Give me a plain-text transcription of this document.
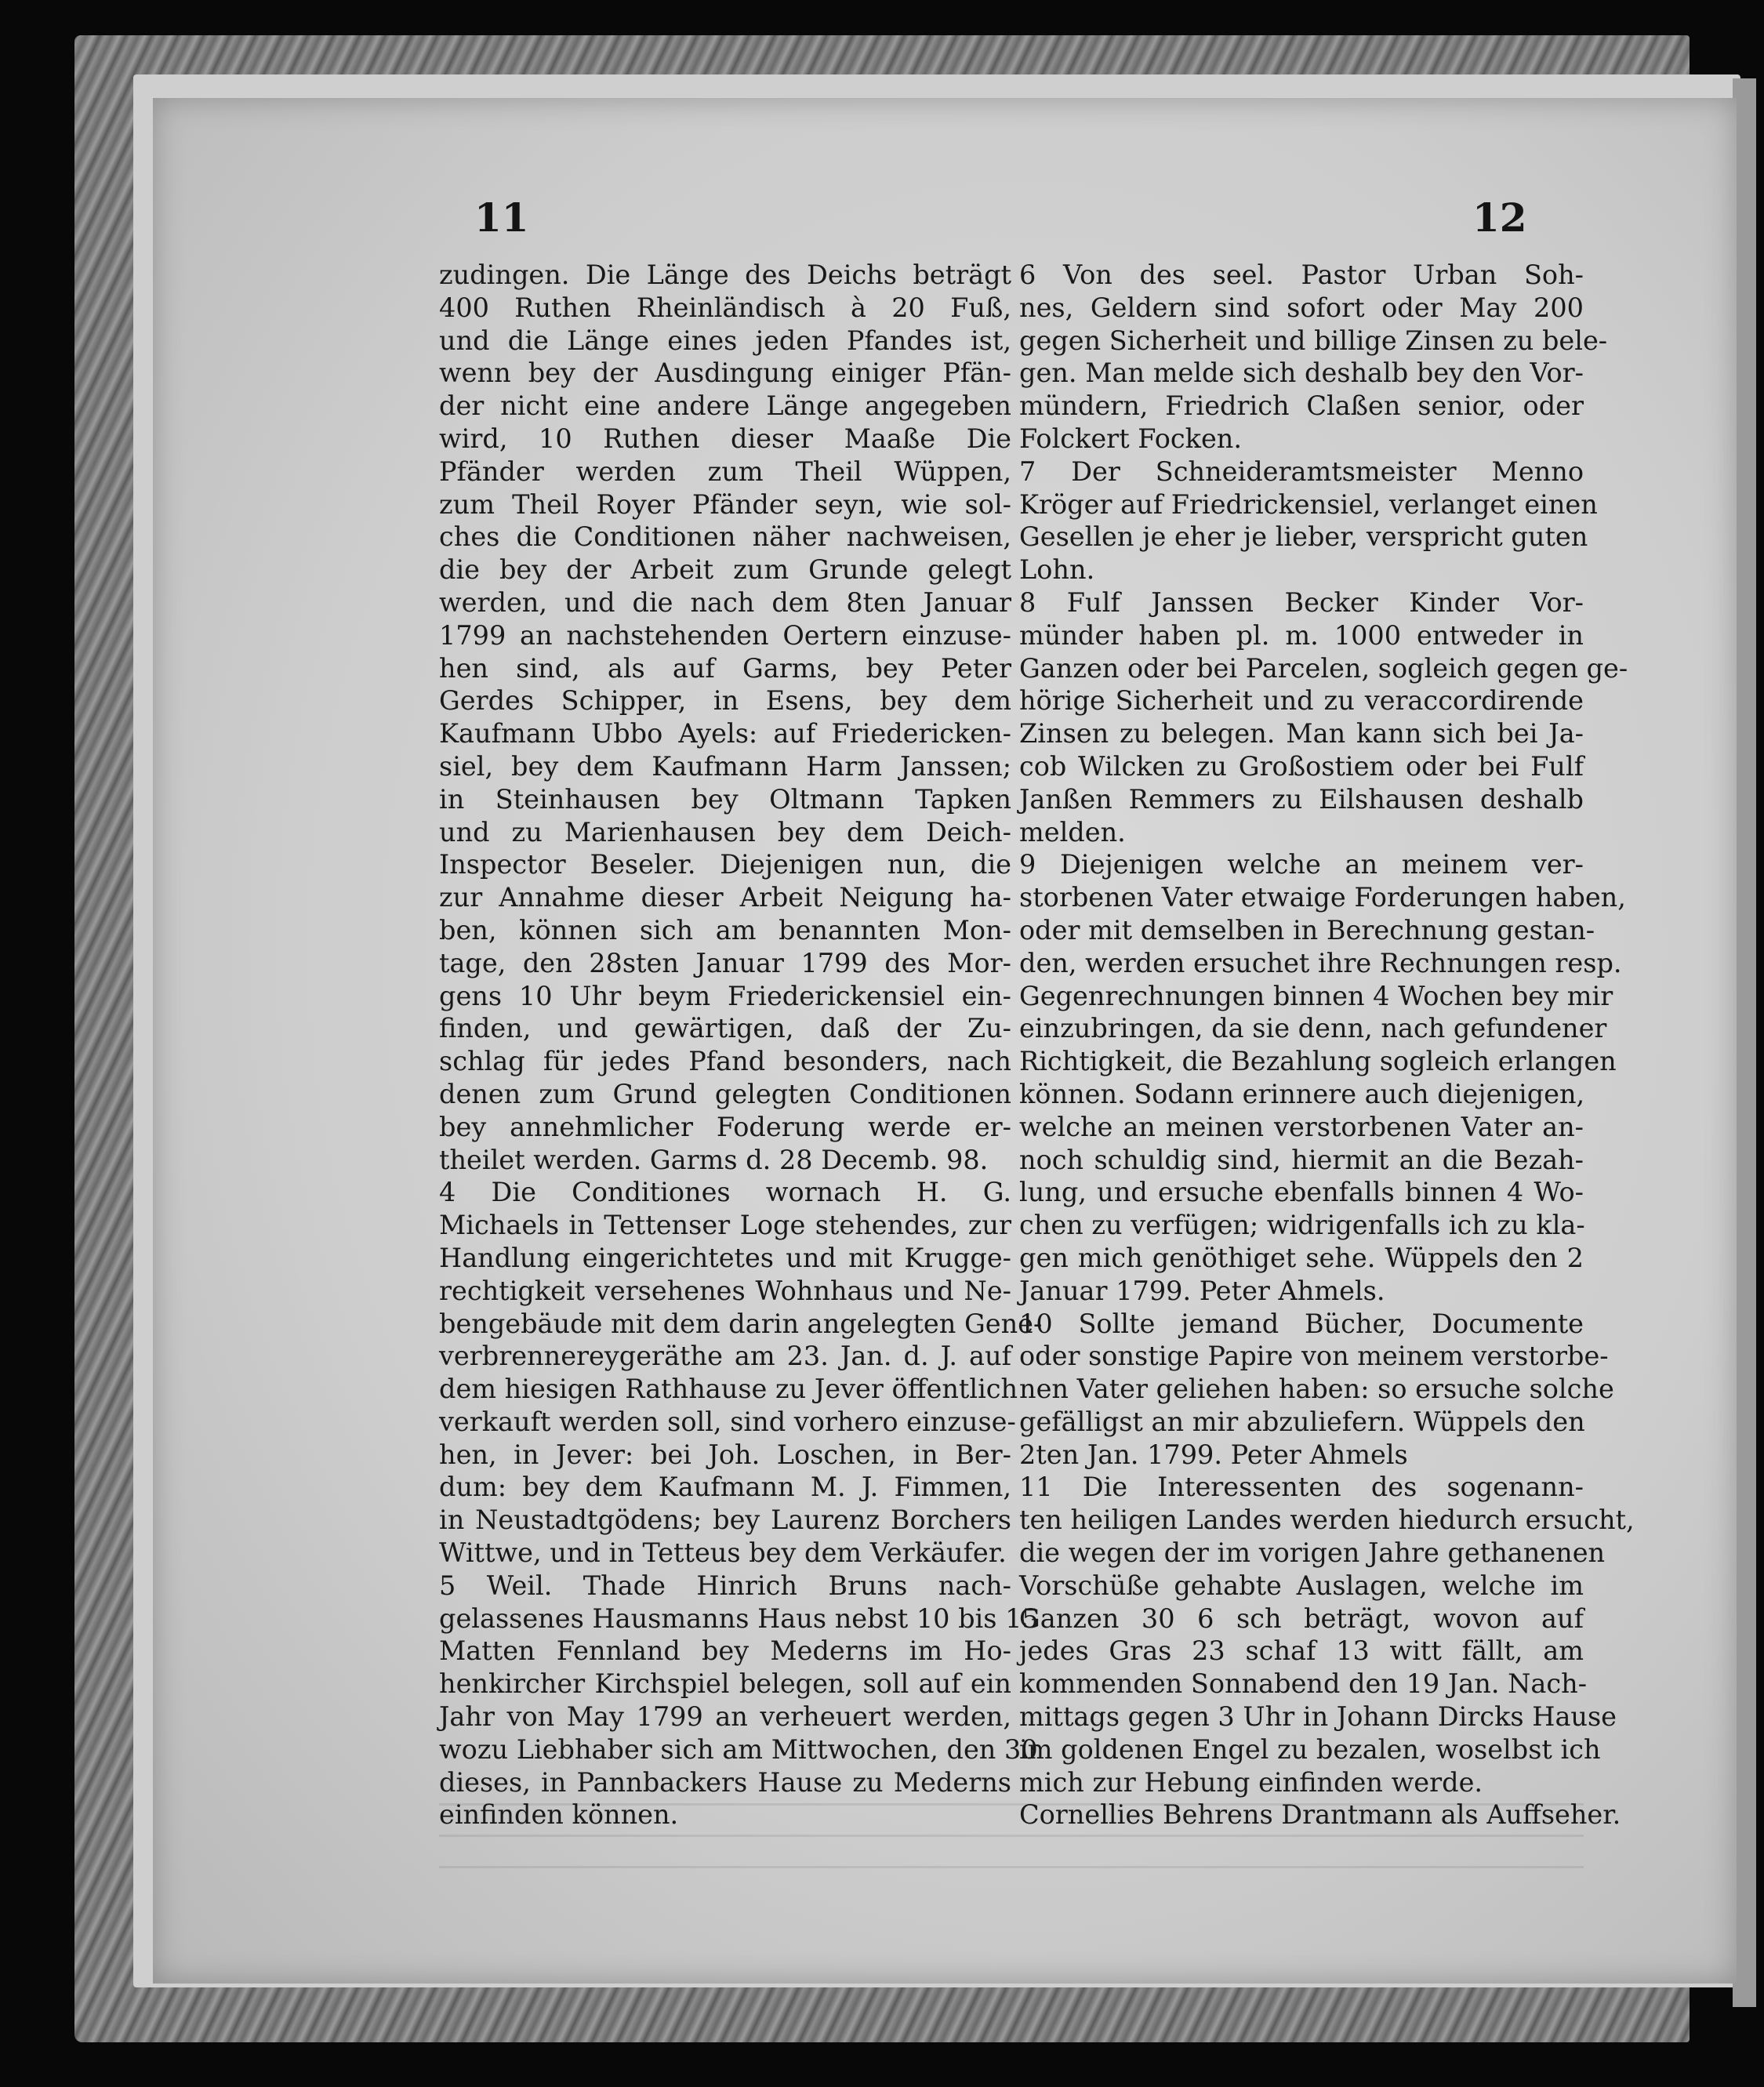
11	12
zudingen. Die Länge des Deichs beträgt
400 Ruthen Rheinländisch à 20 Fuß,
und die Länge eines jeden Pfandes ist,
wenn bey der Ausdingung einiger Pfän-
der nicht eine andere Länge angegeben
wird, 10 Ruthen dieser Maaße Die
Pfänder werden zum Theil Wüppen,
zum Theil Royer Pfänder seyn, wie sol-
ches die Conditionen näher nachweisen,
die bey der Arbeit zum Grunde gelegt
werden, und die nach dem 8ten Januar
1799 an nachstehenden Oertern einzuse-
hen sind, als auf Garms, bey Peter
Gerdes Schipper, in Esens, bey dem
Kaufmann Ubbo Ayels: auf Friedericken-
siel, bey dem Kaufmann Harm Janssen;
in Steinhausen bey Oltmann Tapken
und zu Marienhausen bey dem Deich-
Inspector Beseler. Diejenigen nun, die
zur Annahme dieser Arbeit Neigung ha-
ben, können sich am benannten Mon-
tage, den 28sten Januar 1799 des Mor-
gens 10 Uhr beym Friederickensiel ein-
finden, und gewärtigen, daß der Zu-
schlag für jedes Pfand besonders, nach
denen zum Grund gelegten Conditionen
bey annehmlicher Foderung werde er-
theilet werden. Garms d. 28 Decemb. 98.
4 Die Conditiones wornach H. G.
Michaels in Tettenser Loge stehendes, zur
Handlung eingerichtetes und mit Krugge-
rechtigkeit versehenes Wohnhaus und Ne-
bengebäude mit dem darin angelegten Gene-
verbrennereygeräthe am 23. Jan. d. J. auf
dem hiesigen Rathhause zu Jever öffentlich
verkauft werden soll, sind vorhero einzuse-
hen, in Jever: bei Joh. Loschen, in Ber-
dum: bey dem Kaufmann M. J. Fimmen,
in Neustadtgödens; bey Laurenz Borchers
Wittwe, und in Tetteus bey dem Verkäufer.
5 Weil. Thade Hinrich Bruns nach-
gelassenes Hausmanns Haus nebst 10 bis 15
Matten Fennland bey Mederns im Ho-
henkircher Kirchspiel belegen, soll auf ein
Jahr von May 1799 an verheuert werden,
wozu Liebhaber sich am Mittwochen, den 30
dieses, in Pannbackers Hause zu Mederns
einfinden können.
6 Von des seel. Pastor Urban Soh-
nes, Geldern sind sofort oder May 200
gegen Sicherheit und billige Zinsen zu bele-
gen. Man melde sich deshalb bey den Vor-
mündern, Friedrich Claßen senior, oder
Folckert Focken.
7 Der Schneideramtsmeister Menno
Kröger auf Friedrickensiel, verlanget einen
Gesellen je eher je lieber, verspricht guten
Lohn.
8 Fulf Janssen Becker Kinder Vor-
münder haben pl. m. 1000 entweder in
Ganzen oder bei Parcelen, sogleich gegen ge-
hörige Sicherheit und zu veraccordirende
Zinsen zu belegen. Man kann sich bei Ja-
cob Wilcken zu Großostiem oder bei Fulf
Janßen Remmers zu Eilshausen deshalb
melden.
9 Diejenigen welche an meinem ver-
storbenen Vater etwaige Forderungen haben,
oder mit demselben in Berechnung gestan-
den, werden ersuchet ihre Rechnungen resp.
Gegenrechnungen binnen 4 Wochen bey mir
einzubringen, da sie denn, nach gefundener
Richtigkeit, die Bezahlung sogleich erlangen
können. Sodann erinnere auch diejenigen,
welche an meinen verstorbenen Vater an-
noch schuldig sind, hiermit an die Bezah-
lung, und ersuche ebenfalls binnen 4 Wo-
chen zu verfügen; widrigenfalls ich zu kla-
gen mich genöthiget sehe. Wüppels den 2
Januar 1799. Peter Ahmels.
10 Sollte jemand Bücher, Documente
oder sonstige Papire von meinem verstorbe-
nen Vater geliehen haben: so ersuche solche
gefälligst an mir abzuliefern. Wüppels den
2ten Jan. 1799. Peter Ahmels
11 Die Interessenten des sogenann-
ten heiligen Landes werden hiedurch ersucht,
die wegen der im vorigen Jahre gethanenen
Vorschüße gehabte Auslagen, welche im
Ganzen 30 6 sch beträgt, wovon auf
jedes Gras 23 schaf 13 witt fällt, am
kommenden Sonnabend den 19 Jan. Nach-
mittags gegen 3 Uhr in Johann Dircks Hause
im goldenen Engel zu bezalen, woselbst ich
mich zur Hebung einfinden werde.
Cornellies Behrens Drantmann als Auffseher.
